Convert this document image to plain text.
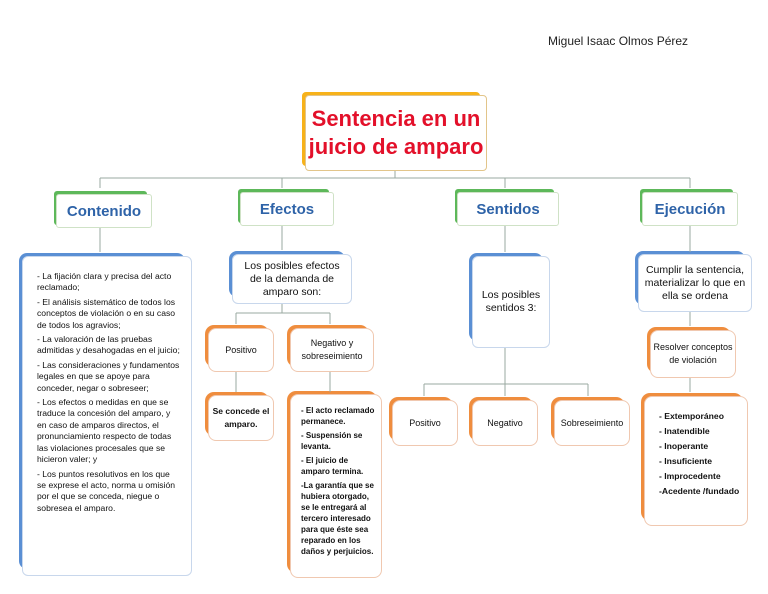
Miguel Isaac Olmos Pérez
Sentencia en un juicio de amparo
Contenido	Efectos	Sentidos	Ejecución
- La fijación clara y precisa del acto reclamado;
- El análisis sistemático de todos los conceptos de violación o en su caso de todos los agravios;
- La valoración de las pruebas admitidas y desahogadas en el juicio;
- Las consideraciones y fundamentos legales en que se apoye para conceder, negar o sobreseer;
- Los efectos o medidas en que se traduce la concesión del amparo, y en caso de amparos directos, el pronunciamiento respecto de todas las violaciones procesales que se hicieron valer; y
- Los puntos resolutivos en los que se exprese el acto, norma u omisión por el que se conceda, niegue o sobresea el amparo.
Los posibles efectos de la demanda de amparo son:
Positivo
Se concede el amparo.
Negativo y sobreseimiento
- El acto reclamado permanece.
- Suspensión se levanta.
- El juicio de amparo termina.
-La garantía que se hubiera otorgado, se le entregará al tercero interesado para que éste sea reparado en los daños y perjuicios.
Los posibles sentidos 3:
Positivo	Negativo	Sobreseimiento
Cumplir la sentencia, materializar lo que en ella se ordena
Resolver conceptos de violación
- Extemporáneo
- Inatendible
- Inoperante
- Insuficiente
- Improcedente
-Acedente /fundado
